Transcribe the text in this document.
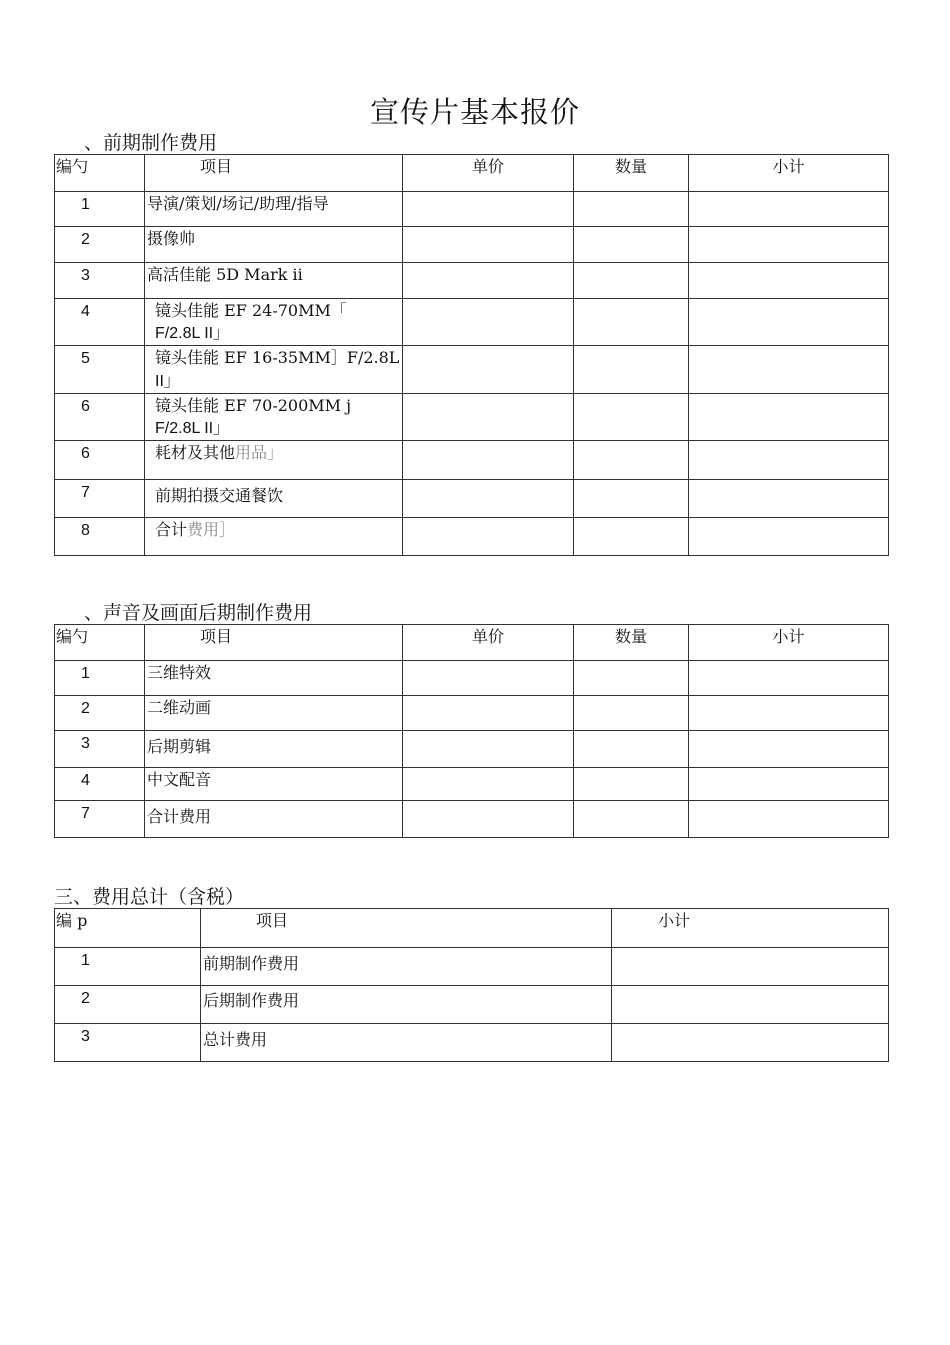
宣传片基本报价
、前期制作费用
编勺	项目	单价	数量	小计
1	导演/策划/场记/助理/指导			
2	摄像帅			
3	高活佳能 5D Mark ii			
4	镜头佳能 EF 24-70MM「
F/2.8L II」			

5	镜头佳能 EF 16-35MM］F/2.8L
II」			

6	镜头佳能 EF 70-200MM j
F/2.8L II」			

6	耗材及其他用品」			
7	前期拍摄交通餐饮			
8	合计费用］			
、声音及画面后期制作费用
编勺	项目	单价	数量	小计
1	三维特效			
2	二维动画			
3	后期剪辑			
4	中文配音			
7	合计费用			
三、费用总计（含税）
编 p	项目	小计
1	前期制作费用	
2	后期制作费用	
3	总计费用	
